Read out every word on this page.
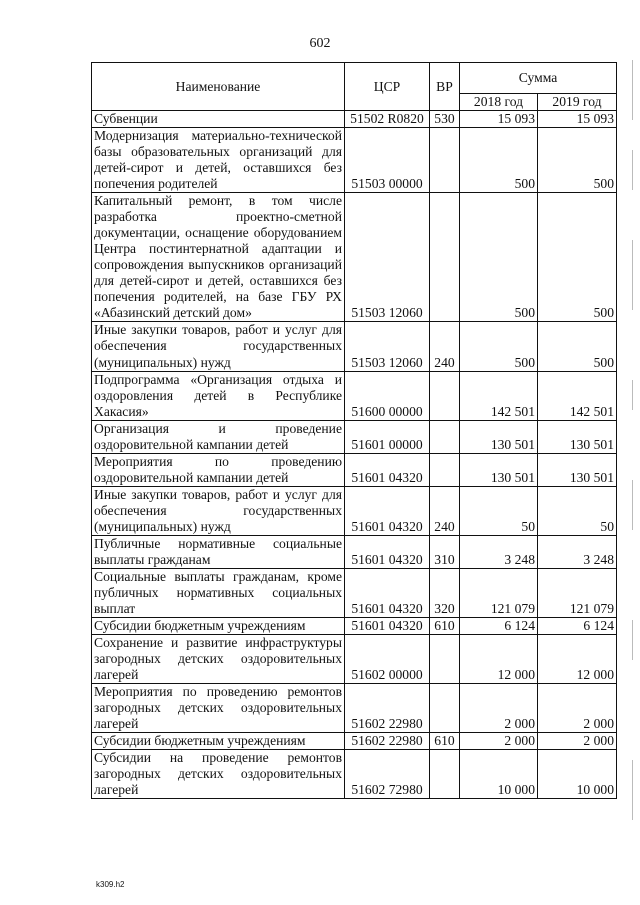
602
Наименование	ЦСР	ВР	Сумма	
			2018 год	2019 год
Субвенции	51502 R0820	530	15 093	15 093
Модернизация материально-технической базы образовательных организаций для детей-сирот и детей, оставшихся без попечения родителей	51503 00000		500	500
Капитальный ремонт, в том числе разработка проектно-сметной документации, оснащение оборудованием Центра постинтернатной адаптации и сопровождения выпускников организаций для детей-сирот и детей, оставшихся без попечения родителей, на базе ГБУ РХ «Абазинский детский дом»	51503 12060		500	500
Иные закупки товаров, работ и услуг для обеспечения государственных (муниципальных) нужд	51503 12060	240	500	500
Подпрограмма «Организация отдыха и оздоровления детей в Республике Хакасия»	51600 00000		142 501	142 501
Организация и проведение оздоровительной кампании детей	51601 00000		130 501	130 501
Мероприятия по проведению оздоровительной кампании детей	51601 04320		130 501	130 501
Иные закупки товаров, работ и услуг для обеспечения государственных (муниципальных) нужд	51601 04320	240	50	50
Публичные нормативные социальные выплаты гражданам	51601 04320	310	3 248	3 248
Социальные выплаты гражданам, кроме публичных нормативных социальных выплат	51601 04320	320	121 079	121 079
Субсидии бюджетным учреждениям	51601 04320	610	6 124	6 124
Сохранение и развитие инфраструктуры загородных детских оздоровительных лагерей	51602 00000		12 000	12 000
Мероприятия по проведению ремонтов загородных детских оздоровительных лагерей	51602 22980		2 000	2 000
Субсидии бюджетным учреждениям	51602 22980	610	2 000	2 000
Субсидии на проведение ремонтов загородных детских оздоровительных лагерей	51602 72980		10 000	10 000
k309.h2
